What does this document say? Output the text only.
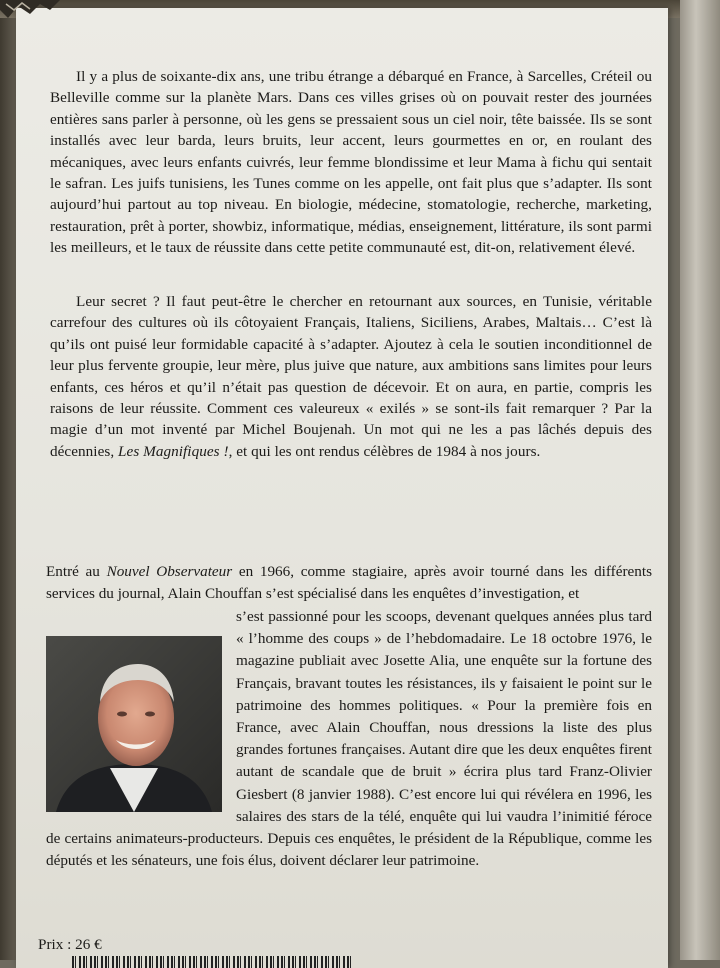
Il y a plus de soixante-dix ans, une tribu étrange a débarqué en France, à Sarcelles, Créteil ou Belleville comme sur la planète Mars. Dans ces villes grises où on pouvait rester des journées entières sans parler à personne, où les gens se pressaient sous un ciel noir, tête baissée. Ils se sont installés avec leur barda, leurs bruits, leur accent, leurs gourmettes en or, en roulant des mécaniques, avec leurs enfants cuivrés, leur femme blondissime et leur Mama à fichu qui sentait le safran. Les juifs tunisiens, les Tunes comme on les appelle, ont fait plus que s’adapter. Ils sont aujourd’hui partout au top niveau. En biologie, médecine, stomatologie, recherche, marketing, restauration, prêt à porter, showbiz, informatique, médias, enseignement, littérature, ils sont parmi les meilleurs, et le taux de réussite dans cette petite communauté est, dit-on, relativement élevé.

Leur secret ? Il faut peut-être le chercher en retournant aux sources, en Tunisie, véritable carrefour des cultures où ils côtoyaient Français, Italiens, Siciliens, Arabes, Maltais… C’est là qu’ils ont puisé leur formidable capacité à s’adapter. Ajoutez à cela le soutien inconditionnel de leur plus fervente groupie, leur mère, plus juive que nature, aux ambitions sans limites pour leurs enfants, ces héros et qu’il n’était pas question de décevoir. Et on aura, en partie, compris les raisons de leur réussite. Comment ces valeureux « exilés » se sont-ils fait remarquer ? Par la magie d’un mot inventé par Michel Boujenah. Un mot qui ne les a pas lâchés depuis des décennies, Les Magnifiques !, et qui les ont rendus célèbres de 1984 à nos jours.

Entré au Nouvel Observateur en 1966, comme stagiaire, après avoir tourné dans les différents services du journal, Alain Chouffan s’est spécialisé dans les enquêtes d’investigation, et

s’est passionné pour les scoops, devenant quelques années plus tard « l’homme des coups » de l’hebdomadaire. Le 18 octobre 1976, le magazine publiait avec Josette Alia, une enquête sur la fortune des Français, bravant toutes les résistances, ils y faisaient le point sur le patrimoine des hommes politiques. « Pour la première fois en France, avec Alain Chouffan, nous dressions la liste des plus grandes fortunes françaises. Autant dire que les deux enquêtes firent autant de scandale que de bruit » écrira plus tard Franz-Olivier Giesbert (8 janvier 1988). C’est encore lui qui révélera en 1996, les salaires des stars de la télé, enquête qui lui vaudra l’inimitié féroce de certains animateurs-producteurs. Depuis ces enquêtes, le président de la République, comme les députés et les sénateurs, une fois élus, doivent déclarer leur patrimoine.

Prix : 26 €
